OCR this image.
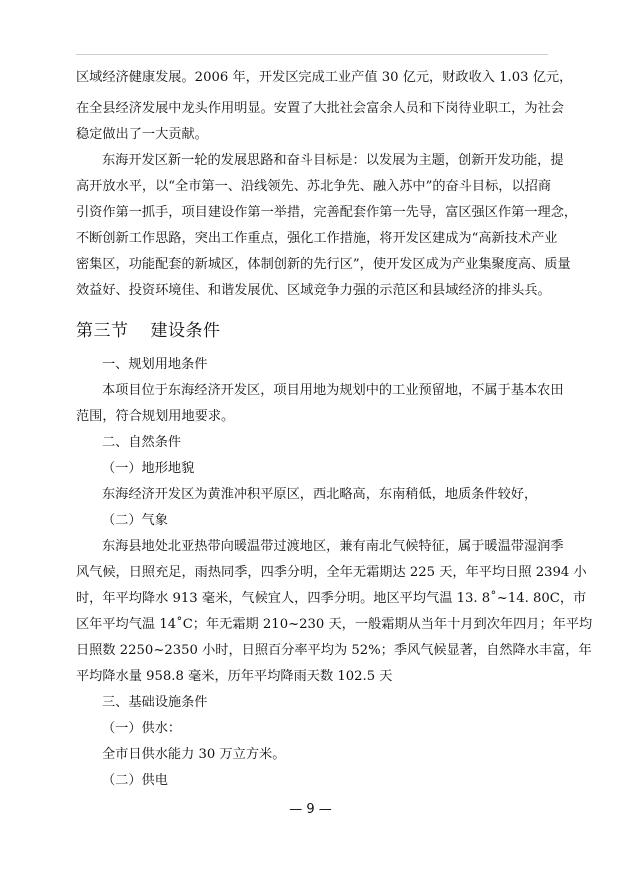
区域经济健康发展。2006 年，开发区完成工业产值 30 亿元，财政收入 1.03 亿元，
在全县经济发展中龙头作用明显。安置了大批社会富余人员和下岗待业职工，为社会
稳定做出了一大贡献。
东海开发区新一轮的发展思路和奋斗目标是：以发展为主题，创新开发功能，提
高开放水平，以“全市第一、沿线领先、苏北争先、融入苏中”的奋斗目标，以招商
引资作第一抓手，项目建设作第一举措，完善配套作第一先导，富区强区作第一理念，
不断创新工作思路，突出工作重点，强化工作措施，将开发区建成为“高新技术产业
密集区，功能配套的新城区，体制创新的先行区”，使开发区成为产业集聚度高、质量
效益好、投资环境佳、和谐发展优、区域竞争力强的示范区和县域经济的排头兵。
第三节 建设条件
一、规划用地条件
本项目位于东海经济开发区，项目用地为规划中的工业预留地，不属于基本农田
范围，符合规划用地要求。
二、自然条件
（一）地形地貌
东海经济开发区为黄淮冲积平原区，西北略高，东南稍低，地质条件较好，
（二）气象
东海县地处北亚热带向暖温带过渡地区，兼有南北气候特征，属于暖温带湿润季
风气候，日照充足，雨热同季，四季分明，全年无霜期达 225 天，年平均日照 2394 小
时，年平均降水 913 毫米，气候宜人，四季分明。地区平均气温 13. 8˚~14. 80C，市
区年平均气温 14˚C；年无霜期 210~230 天，一般霜期从当年十月到次年四月；年平均
日照数 2250~2350 小时，日照百分率平均为 52%；季风气候显著，自然降水丰富，年
平均降水量 958.8 毫米，历年平均降雨天数 102.5 天
三、基础设施条件
（一）供水：
全市日供水能力 30 万立方米。
（二）供电
— 9 —
